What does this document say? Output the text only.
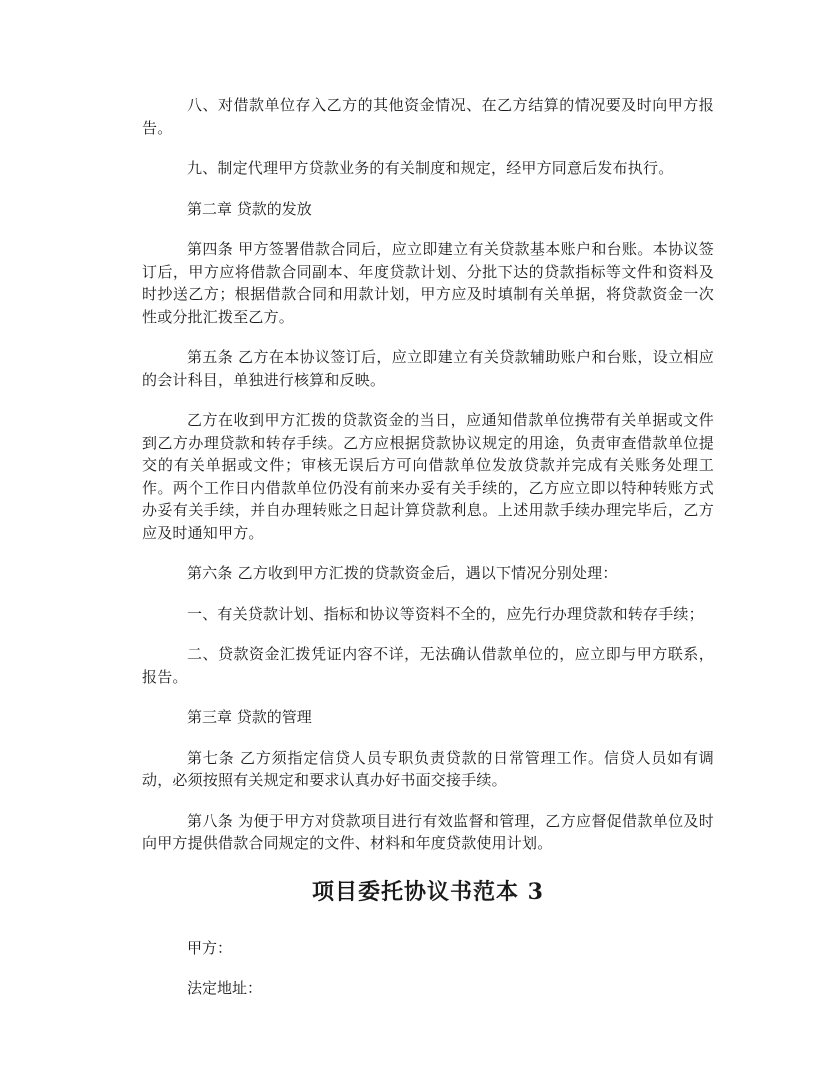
八、对借款单位存入乙方的其他资金情况、在乙方结算的情况要及时向甲方报告。

九、制定代理甲方贷款业务的有关制度和规定，经甲方同意后发布执行。

第二章 贷款的发放

第四条 甲方签署借款合同后，应立即建立有关贷款基本账户和台账。本协议签订后，甲方应将借款合同副本、年度贷款计划、分批下达的贷款指标等文件和资料及时抄送乙方；根据借款合同和用款计划，甲方应及时填制有关单据，将贷款资金一次性或分批汇拨至乙方。

第五条 乙方在本协议签订后，应立即建立有关贷款辅助账户和台账，设立相应的会计科目，单独进行核算和反映。

乙方在收到甲方汇拨的贷款资金的当日，应通知借款单位携带有关单据或文件到乙方办理贷款和转存手续。乙方应根据贷款协议规定的用途，负责审查借款单位提交的有关单据或文件；审核无误后方可向借款单位发放贷款并完成有关账务处理工作。两个工作日内借款单位仍没有前来办妥有关手续的，乙方应立即以特种转账方式办妥有关手续，并自办理转账之日起计算贷款利息。上述用款手续办理完毕后，乙方应及时通知甲方。

第六条 乙方收到甲方汇拨的贷款资金后，遇以下情况分别处理：

一、有关贷款计划、指标和协议等资料不全的，应先行办理贷款和转存手续；

二、贷款资金汇拨凭证内容不详，无法确认借款单位的，应立即与甲方联系，报告。

第三章 贷款的管理

第七条 乙方须指定信贷人员专职负责贷款的日常管理工作。信贷人员如有调动，必须按照有关规定和要求认真办好书面交接手续。

第八条 为便于甲方对贷款项目进行有效监督和管理，乙方应督促借款单位及时向甲方提供借款合同规定的文件、材料和年度贷款使用计划。

项目委托协议书范本 3

甲方：

法定地址：
